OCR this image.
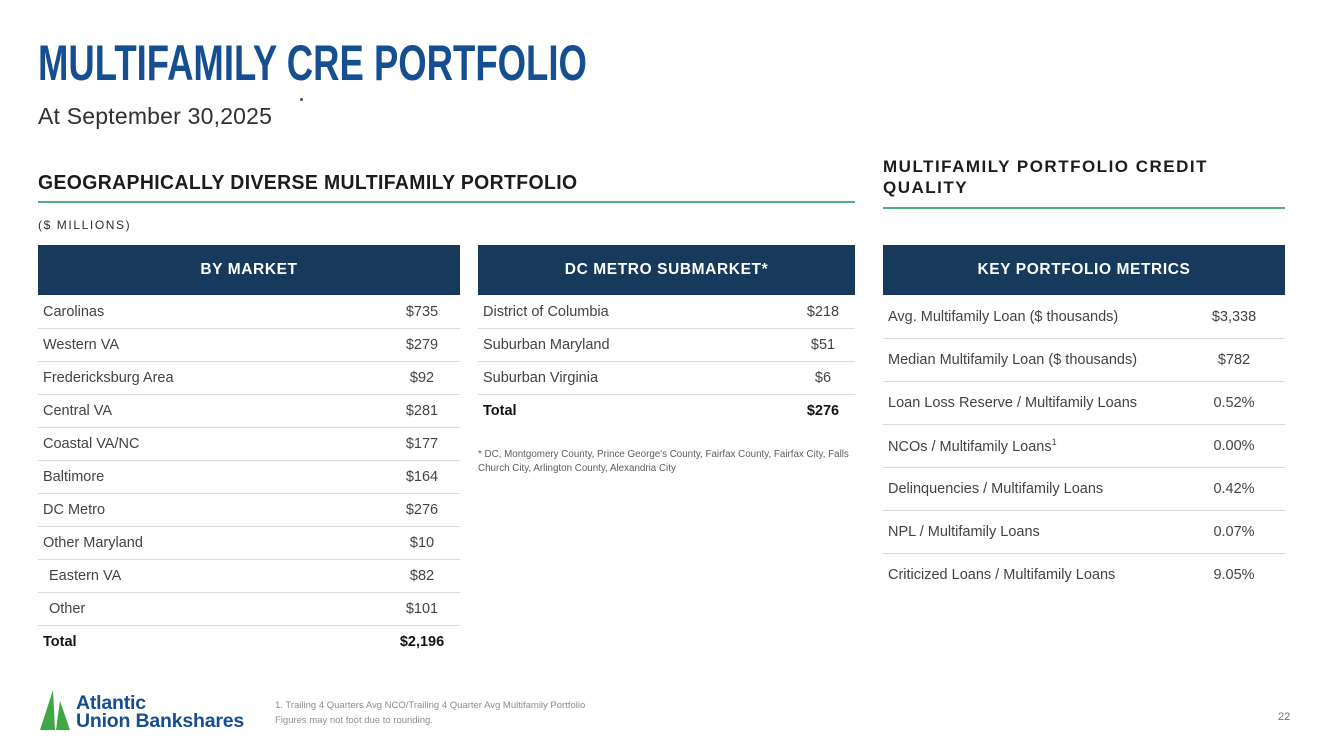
MULTIFAMILY CRE PORTFOLIO
At September 30,2025
GEOGRAPHICALLY DIVERSE MULTIFAMILY PORTFOLIO
($ MILLIONS)
MULTIFAMILY PORTFOLIO CREDIT QUALITY
BY MARKET
Carolinas	$735
Western VA	$279
Fredericksburg Area	$92
Central VA	$281
Coastal VA/NC	$177
Baltimore	$164
DC Metro	$276
Other Maryland	$10
Eastern VA	$82
Other	$101
Total	$2,196
DC METRO SUBMARKET*
District of Columbia	$218
Suburban Maryland	$51
Suburban Virginia	$6
Total	$276
* DC, Montgomery County, Prince George's County, Fairfax County, Fairfax City, Falls Church City, Arlington County, Alexandria City
KEY PORTFOLIO METRICS
Avg. Multifamily Loan ($ thousands)	$3,338
Median Multifamily Loan ($ thousands)	$782
Loan Loss Reserve / Multifamily Loans	0.52%
NCOs / Multifamily Loans$^1$	0.00%
Delinquencies / Multifamily Loans	0.42%
NPL / Multifamily Loans	0.07%
Criticized Loans / Multifamily Loans	9.05%
Atlantic
Union Bankshares
1. Trailing 4 Quarters Avg NCO/Trailing 4 Quarter Avg Multifamily Portfolio
Figures may not foot due to rounding.	22
